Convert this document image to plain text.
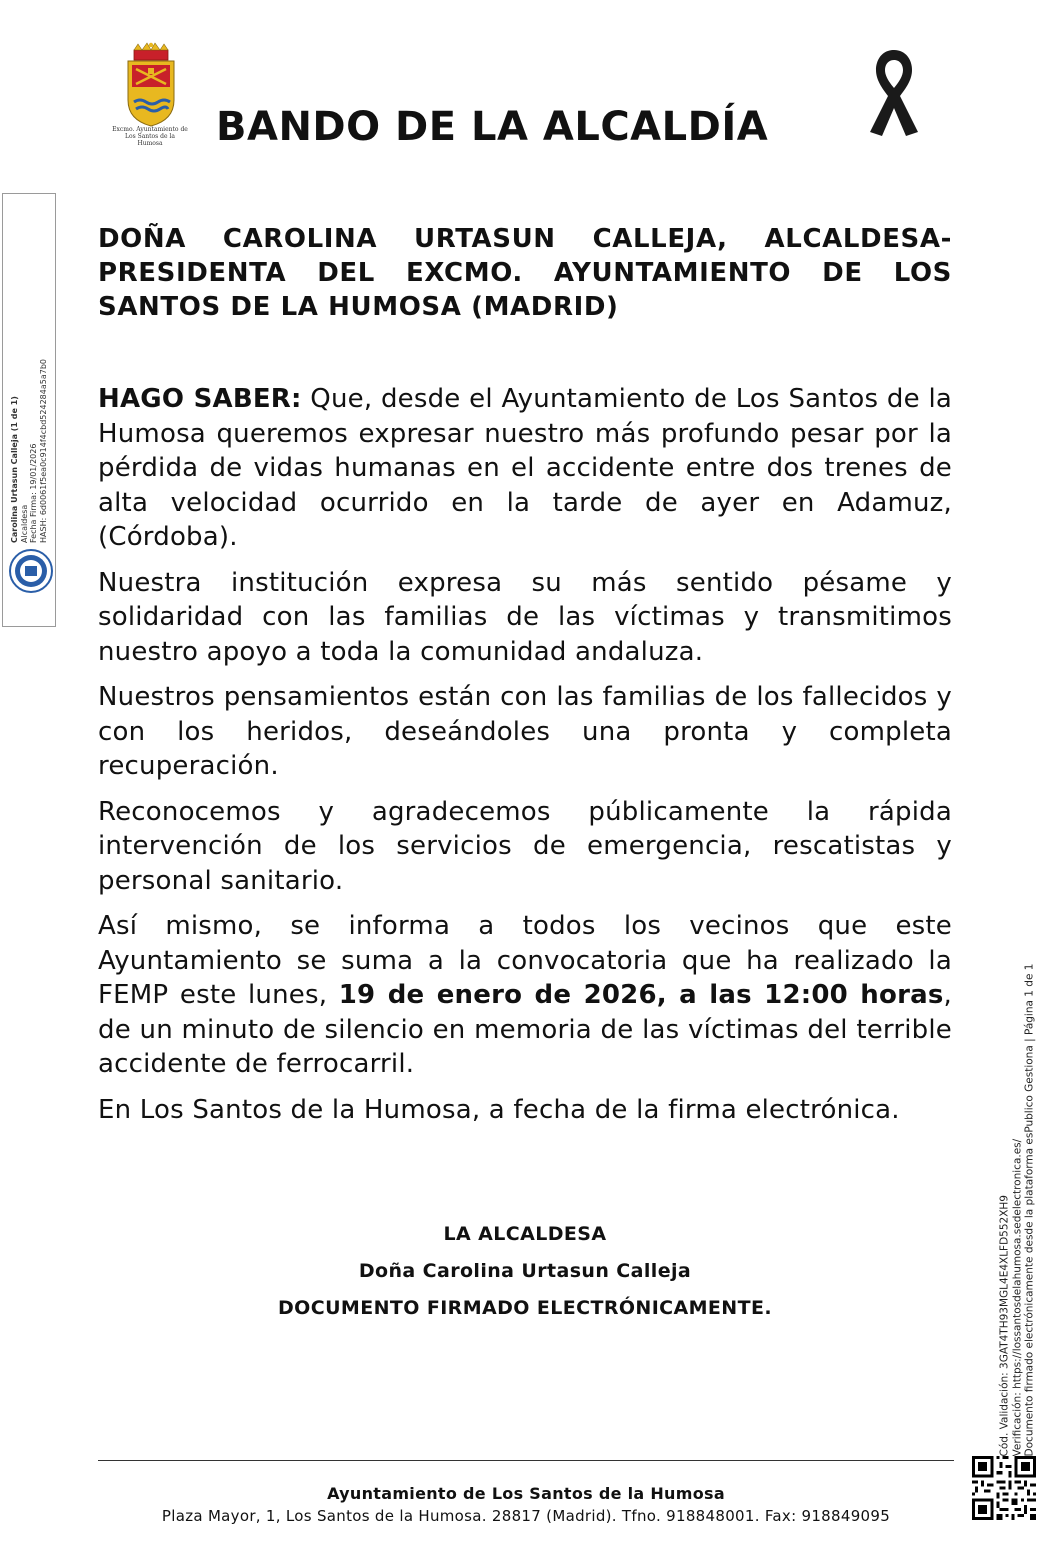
Excmo. Ayuntamiento de Los Santos de la Humosa	BANDO DE LA ALCALDÍA
Carolina Urtasun Calleja (1 de 1) Alcaldesa Fecha Firma: 19/01/2026 HASH: 6d0061f5ea0c914f4cbd524284a5a7b0

DOÑA CAROLINA URTASUN CALLEJA, ALCALDESA-PRESIDENTA DEL EXCMO. AYUNTAMIENTO DE LOS SANTOS DE LA HUMOSA (MADRID)

HAGO SABER: Que, desde el Ayuntamiento de Los Santos de la Humosa queremos expresar nuestro más profundo pesar por la pérdida de vidas humanas en el accidente entre dos trenes de alta velocidad ocurrido en la tarde de ayer en Adamuz, (Córdoba).

Nuestra institución expresa su más sentido pésame y solidaridad con las familias de las víctimas y transmitimos nuestro apoyo a toda la comunidad andaluza.

Nuestros pensamientos están con las familias de los fallecidos y con los heridos, deseándoles una pronta y completa recuperación.

Reconocemos y agradecemos públicamente la rápida intervención de los servicios de emergencia, rescatistas y personal sanitario.

Así mismo, se informa a todos los vecinos que este Ayuntamiento se suma a la convocatoria que ha realizado la FEMP este lunes, 19 de enero de 2026, a las 12:00 horas, de un minuto de silencio en memoria de las víctimas del terrible accidente de ferrocarril.

En Los Santos de la Humosa, a fecha de la firma electrónica.

LA ALCALDESA
Doña Carolina Urtasun Calleja
DOCUMENTO FIRMADO ELECTRÓNICAMENTE.	Cód. Validación: 3GAT4TH93MGL4E4XLFD552XH9 Verificación: https://lossantosdelahumosa.sedelectronica.es/ Documento firmado electrónicamente desde la plataforma esPublico Gestiona | Página 1 de 1
Ayuntamiento de Los Santos de la Humosa
Plaza Mayor, 1, Los Santos de la Humosa. 28817 (Madrid). Tfno. 918848001. Fax: 918849095
